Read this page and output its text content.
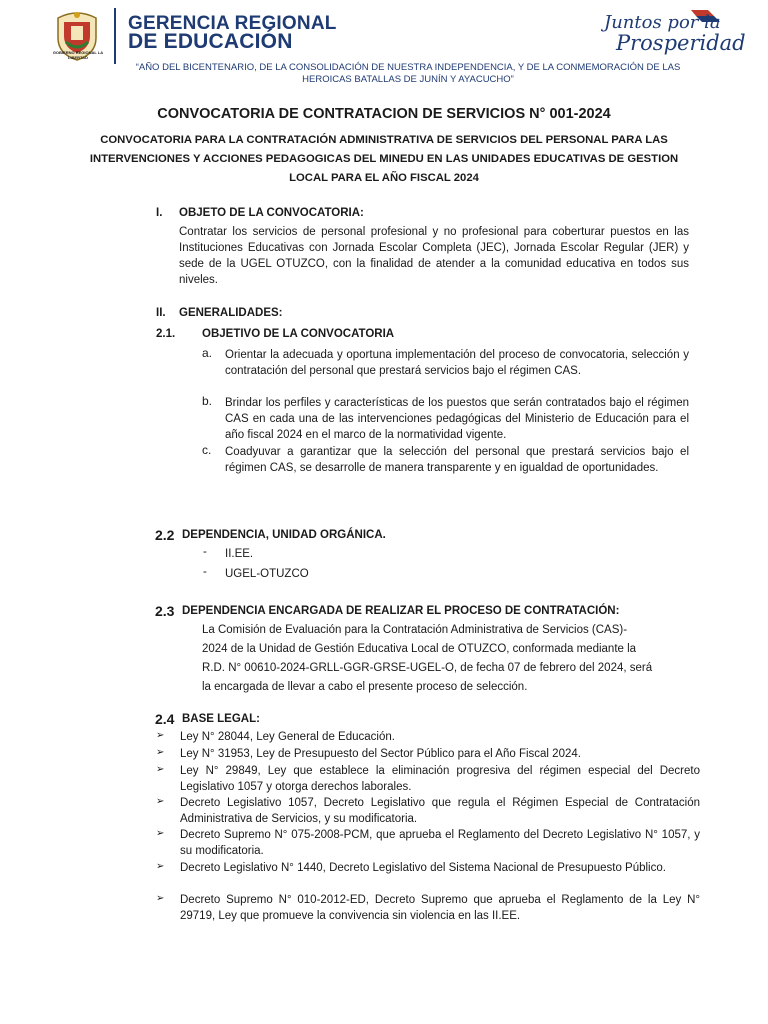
GOBIERNO REGIONAL LA LIBERTAD
GERENCIA REGIONAL
DE EDUCACIÓN
Juntos por la
Prosperidad
“AÑO DEL BICENTENARIO, DE LA CONSOLIDACIÓN DE NUESTRA INDEPENDENCIA, Y DE LA CONMEMORACIÓN DE LAS HEROICAS BATALLAS DE JUNÍN Y AYACUCHO”
CONVOCATORIA DE CONTRATACION DE SERVICIOS N° 001-2024
CONVOCATORIA PARA LA CONTRATACIÓN ADMINISTRATIVA DE SERVICIOS DEL PERSONAL PARA LAS INTERVENCIONES Y ACCIONES PEDAGOGICAS DEL MINEDU EN LAS UNIDADES EDUCATIVAS DE GESTION LOCAL PARA EL AÑO FISCAL 2024
I. OBJETO DE LA CONVOCATORIA:
Contratar los servicios de personal profesional y no profesional para coberturar puestos en las Instituciones Educativas con Jornada Escolar Completa (JEC), Jornada Escolar Regular (JER) y sede de la UGEL OTUZCO, con la finalidad de atender a la comunidad educativa en todos sus niveles.
II. GENERALIDADES:
2.1. OBJETIVO DE LA CONVOCATORIA
a. Orientar la adecuada y oportuna implementación del proceso de convocatoria, selección y contratación del personal que prestará servicios bajo el régimen CAS.
b. Brindar los perfiles y características de los puestos que serán contratados bajo el régimen CAS en cada una de las intervenciones pedagógicas del Ministerio de Educación para el año fiscal 2024 en el marco de la normatividad vigente.
c. Coadyuvar a garantizar que la selección del personal que prestará servicios bajo el régimen CAS, se desarrolle de manera transparente y en igualdad de oportunidades.
2.2 DEPENDENCIA, UNIDAD ORGÁNICA.
- II.EE.
- UGEL-OTUZCO
2.3 DEPENDENCIA ENCARGADA DE REALIZAR EL PROCESO DE CONTRATACIÓN:
La Comisión de Evaluación para la Contratación Administrativa de Servicios (CAS)-
2024 de la Unidad de Gestión Educativa Local de OTUZCO, conformada mediante la
R.D. N° 00610-2024-GRLL-GGR-GRSE-UGEL-O, de fecha 07 de febrero del 2024, será
la encargada de llevar a cabo el presente proceso de selección.
2.4 BASE LEGAL:
➢ Ley N° 28044, Ley General de Educación.
➢ Ley N° 31953, Ley de Presupuesto del Sector Público para el Año Fiscal 2024.
➢ Ley N° 29849, Ley que establece la eliminación progresiva del régimen especial del Decreto Legislativo 1057 y otorga derechos laborales.
➢ Decreto Legislativo 1057, Decreto Legislativo que regula el Régimen Especial de Contratación Administrativa de Servicios, y su modificatoria.
➢ Decreto Supremo N° 075-2008-PCM, que aprueba el Reglamento del Decreto Legislativo N° 1057, y su modificatoria.
➢ Decreto Legislativo N° 1440, Decreto Legislativo del Sistema Nacional de Presupuesto Público.
➢ Decreto Supremo N° 010-2012-ED, Decreto Supremo que aprueba el Reglamento de la Ley N° 29719, Ley que promueve la convivencia sin violencia en las II.EE.
